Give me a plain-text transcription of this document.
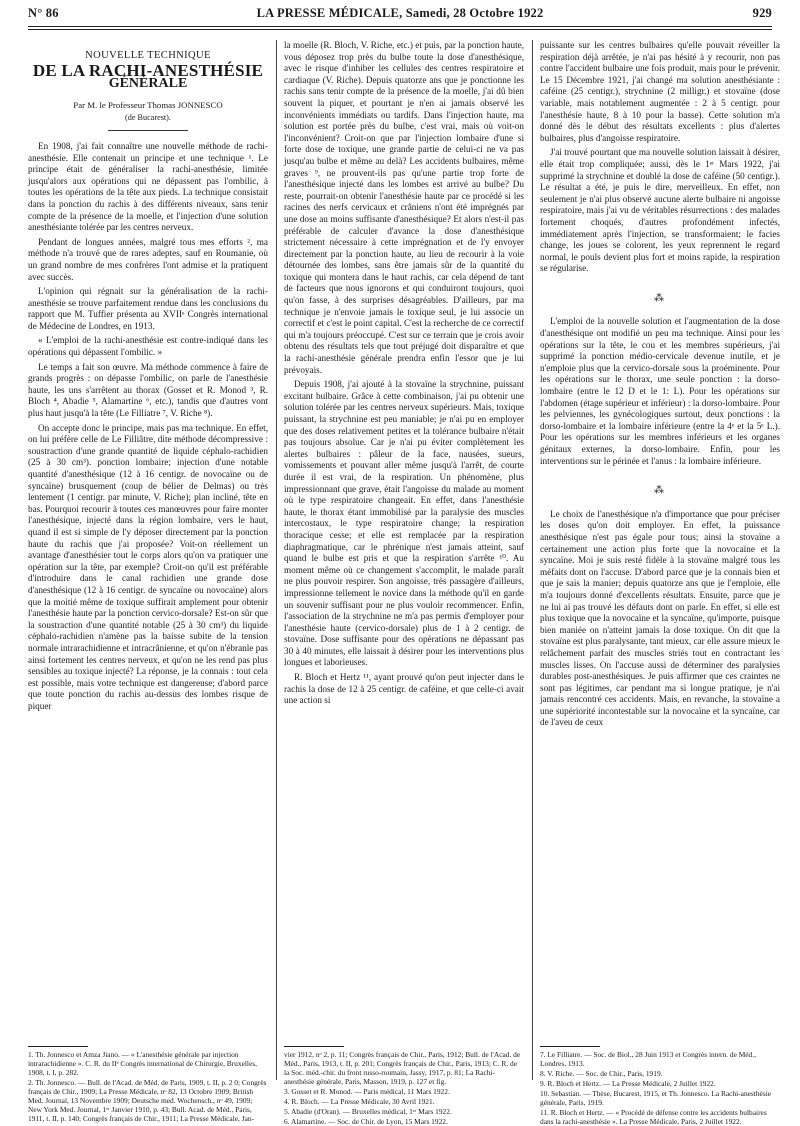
N° 86	LA PRESSE MÉDICALE, Samedi, 28 Octobre 1922	929
NOUVELLE TECHNIQUE
DE LA RACHI-ANESTHÉSIE
GÉNÉRALE
Par M. le Professeur Thomas JONNESCO
(de Bucarest).

En 1908, j'ai fait connaître une nouvelle méthode de rachi-anesthésie. Elle contenait un principe et une technique ¹. Le principe était de généraliser la rachi-anesthésie, limitée jusqu'alors aux opérations qui ne dépassent pas l'ombilic, à toutes les opérations de la tête aux pieds. La technique consistait dans la ponction du rachis à des différents niveaux, sans tenir compte de la présence de la moelle, et l'injection d'une solution anesthésiante tolérée par les centres nerveux.

Pendant de longues années, malgré tous mes efforts ², ma méthode n'a trouvé que de rares adeptes, sauf en Roumanie, où un grand nombre de mes confrères l'ont admise et la pratiquent avec succès.

L'opinion qui régnait sur la généralisation de la rachi-anesthésie se trouve parfaitement rendue dans les conclusions du rapport que M. Tuffier présenta au XVIIᵉ Congrès international de Médecine de Londres, en 1913.

« L'emploi de la rachi-anesthésie est contre-indiqué dans les opérations qui dépassent l'ombilic. »

Le temps a fait son œuvre. Ma méthode commence à faire de grands progrès : on dépasse l'ombilic, on parle de l'anesthésie haute, les uns s'arrêtent au thorax (Gosset et R. Monod ³, R. Bloch ⁴, Abadie ⁵, Alamartine ⁶, etc.), tandis que d'autres vont plus haut jusqu'à la tête (Le Filliatre ⁷, V. Riche ⁸).

On accepte donc le principe, mais pas ma technique. En effet, on lui préfère celle de Le Filliâtre, dite méthode décompressive : soustraction d'une grande quantité de liquide céphalo-rachidien (25 à 30 cm³). ponction lombaire; injection d'une notable quantité d'anesthésique (12 à 16 centigr. de novocaïne ou de syncaïne) brusquement (coup de bélier de Delmas) ou très lentement (1 centigr. par minute, V. Riche); plan incliné, tête en bas. Pourquoi recourir à toutes ces manœuvres pour faire monter l'anesthésique, injecté dans la région lombaire, vers le haut, quand il est si simple de l'y déposer directement par la ponction haute du rachis que j'ai proposée? Voit-on réellement un avantage d'anesthésier tout le corps alors qu'on va pratiquer une opération sur la tête, par exemple? Croit-on qu'il est préférable d'introduire dans le canal rachidien une grande dose d'anesthésique (12 à 16 centigr. de syncaïne ou novocaïne) alors que la moitié même de toxique suffirait amplement pour obtenir l'anesthésie haute par la ponction cervico-dorsale? Est-on sûr que la soustraction d'une quantité notable (25 à 30 cm³) du liquide céphalo-rachidien n'amène pas la baisse subite de la tension normale intrarachidienne et intracrânienne, et qu'on n'ébranle pas ainsi fortement les centres nerveux, et qu'on ne les rend pas plus sensibles au toxique injecté? La réponse, je la connais : tout cela est possible, mais votre technique est dangereuse; d'abord parce que toute ponction du rachis au-dessus des lombes risque de piquer

la moelle (R. Bloch, V. Riche, etc.) et puis, par la ponction haute, vous déposez trop près du bulbe toute la dose d'anesthésique, avec le risque d'inhiber les cellules des centres respiratoire et cardiaque (V. Riche). Depuis quatorze ans que je ponctionne les rachis sans tenir compte de la présence de la moelle, j'ai dû bien souvent la piquer, et pourtant je n'en ai jamais observé les inconvénients immédiats ou tardifs. Dans l'injection haute, ma solution est portée près du bulbe, c'est vrai, mais où voit-on l'inconvénient? Croit-on que par l'injection lombaire d'une si forte dose de toxique, une grande partie de celui-ci ne va pas jusqu'au bulbe et même au delà? Les accidents bulbaires, même graves ⁹, ne prouvent-ils pas qu'une partie trop forte de l'anesthésique injecté dans les lombes est arrivé au bulbe? Du reste, pourrait-on obtenir l'anesthésie haute par ce procédé si les racines des nerfs cervicaux et crâniens n'ont été imprégnés par une dose au moins suffisante d'anesthésique? Et alors n'est-il pas préférable de calculer d'avance la dose d'anesthésique strictement nécessaire à cette imprégnation et de l'y envoyer directement par la ponction haute, au lieu de recourir à la voie détournée des lombes, sans être jamais sûr de la quantité du toxique qui montera dans le haut rachis, car cela dépend de tant de facteurs que nous ignorons et qui conduiront toujours, quoi qu'on fasse, à des surprises désagréables. D'ailleurs, par ma technique je n'envoie jamais le toxique seul, je lui associe un correctif et c'est le point capital. C'est la recherche de ce correctif qui m'a toujours préoccupé. C'est sur ce terrain que je crois avoir obtenu des résultats tels que tout préjugé doit disparaître et que la rachi-anesthésie générale prendra enfin l'essor que je lui prévoyais.

Depuis 1908, j'ai ajouté à la stovaïne la strychnine, puissant excitant bulbaire. Grâce à cette combinaison, j'ai pu obtenir une solution tolérée par les centres nerveux supérieurs. Mais, toxique puissant, la strychnine est peu maniable; je n'ai pu en employer que des doses relativement petites et la tolérance bulbaire n'était pas toujours absolue. Car je n'ai pu éviter complètement les alertes bulbaires : pâleur de la face, nausées, sueurs, vomissements et pouvant aller même jusqu'à l'arrêt, de courte durée il est vrai, de la respiration. Un phénomène, plus impressionnant que grave, était l'angoisse du malade au moment où le type respiratoire changeait. En effet, dans l'anesthésie haute, le thorax étant immobilisé par la paralysie des muscles intercostaux, le type respiratoire change; la respiration thoracique cesse; et elle est remplacée par la respiration diaphragmatique, car le phrénique n'est jamais atteint, sauf quand le bulbe est pris et que la respiration s'arrête ¹⁰. Au moment même où ce changement s'accomplit, le malade paraît ne plus pouvoir respirer. Son angoisse, très passagère d'ailleurs, impressionne tellement le novice dans la méthode qu'il en garde un souvenir suffisant pour ne plus vouloir recommencer. Enfin, l'association de la strychnine ne m'a pas permis d'employer pour l'anesthésie haute (cervico-dorsale) plus de 1 à 2 centigr. de stovaïne. Dose suffisante pour des opérations ne dépassant pas 30 à 40 minutes, elle laissait à désirer pour les interventions plus longues et laborieuses.

R. Bloch et Hertz ¹¹, ayant prouvé qu'on peut injecter dans le rachis la dose de 12 à 25 centigr. de caféine, et que celle-ci avait une action si

puissante sur les centres bulbaires qu'elle pouvait réveiller la respiration déjà arrêtée, je n'ai pas hésité à y recourir, non pas contre l'accident bulbaire une fois produit, mais pour le prévenir. Le 15 Décembre 1921, j'ai changé ma solution anesthésiante : caféine (25 centigr.), strychnine (2 milligr.) et stovaïne (dose variable, mais notablement augmentée : 2 à 5 centigr. pour l'anesthésie haute, 8 à 10 pour la basse). Cette solution m'a donné dès le début des résultats excellents : plus d'alertes bulbaires, plus d'angoisse respiratoire.

J'ai trouvé pourtant que ma nouvelle solution laissait à désirer, elle était trop compliquée; aussi, dès le 1ᵉʳ Mars 1922, j'ai supprimé la strychnine et doublé la dose de caféine (50 centigr.). Le résultat a été, je puis le dire, merveilleux. En effet, non seulement je n'ai plus observé aucune alerte bulbaire ni angoisse respiratoire, mais j'ai vu de véritables résurrections : des malades fortement choqués, d'autres profondément infectés, immédiatement après l'injection, se transformaient; le facies change, les joues se colorent, les yeux reprennent le regard normal, le pouls devient plus fort et moins rapide, la respiration se régularise.

⁂

L'emploi de la nouvelle solution et l'augmentation de la dose d'anesthésique ont modifié un peu ma technique. Ainsi pour les opérations sur la tête, le cou et les membres supérieurs, j'ai supprimé la ponction médio-cervicale devenue inutile, et je n'emploie plus que la cervico-dorsale sous la proéminente. Pour les opérations sur le thorax, une seule ponction : la dorso-lombaire (entre le 12 D et le 1: L). Pour les opérations sur l'abdomen (étage supérieur et inférieur) : la dorso-lombaire. Pour les pelviennes, les gynécologiques surtout, deux ponctions : la dorso-lombaire et la lombaire inférieure (entre la 4ᵉ et la 5ᵉ L.). Pour les opérations sur les membres inférieurs et les organes génitaux externes, la dorso-lombaire. Enfin, pour les interventions sur le périnée et l'anus : la lombaire inférieure.

⁂

Le choix de l'anesthésique n'a d'importance que pour préciser les doses qu'on doit employer. En effet, la puissance anesthésique n'est pas égale pour tous; ainsi la stovaïne a certainement une action plus forte que la novocaïne et la syncaïne. Moi je suis resté fidèle à la stovaïne malgré tous les méfaits dont on l'accuse. D'abord parce que je la connais bien et que je sais la manier; depuis quatorze ans que je l'emploie, elle m'a toujours donné d'excellents résultats. Ensuite, parce que je ne lui ai pas trouvé les défauts dont on parle. En effet, si elle est plus toxique que la novocaïne et la syncaïne, qu'importe, puisque bien maniée on n'atteint jamais la dose toxique. On dit que la stovaïne est plus paralysante, tant mieux, car elle assure mieux le relâchement parfait des muscles striés tout en contractant les muscles lisses. On l'accuse aussi de déterminer des paralysies durables post-anesthésiques. Je puis affirmer que ces craintes ne sont pas légitimes, car pendant ma si longue pratique, je n'ai jamais rencontré ces accidents. Mais, en revanche, la stovaïne a une supériorité incontestable sur la novocaïne et la syncaïne, car de l'aveu de ceux

1. Th. Jonnesco et Amza Jiano. — « L'anesthésie générale par injection intrarachidienne ». C. R. du IIᵉ Congrès international de Chirurgie, Bruxelles, 1908, t. I, p. 282.
2. Th. Jonnesco. — Bull. de l'Acad. de Méd. de Paris, 1909, t. II, p. 2 0; Congrès français de Chir., 1909; La Presse Médicale, nᵒ 82, 13 Octobre 1909; British Med. Journal, 13 Novembre 1909; Deutsche med. Wochensch., nᵒ 49, 1909; New York Med. Journal, 1ᵉʳ Janvier 1910, p. 43; Bull. Acad. de Méd., Paris, 1911, t. II, p. 140; Congrès français de Chir., 1911; La Presse Médicale, Jan-
vier 1912, nᵒ 2, p. 11; Congrès français de Chir., Paris, 1912; Bull. de l'Acad. de Méd., Paris, 1913, t. II, p. 201; Congrès français de Chir., Paris, 1913; C. R. de la Soc. méd.-chir. du front russo-roumain, Jassy, 1917, p. 81; La Rachi-anesthésie générale, Paris, Masson, 1919, p. 127 et fig.
3. Gosset et R. Monod. — Paris médical, 11 Mars 1922.
4. R. Bloch. — La Presse Médicale, 30 Avril 1921.
5. Abadie (d'Oran). — Bruxelles médical, 1ᵉʳ Mars 1922.
6. Alamartine. — Soc. de Chir. de Lyon, 15 Mars 1922.
7. Le Filliatre. — Soc. de Biol., 28 Juin 1913 et Congrès intern. de Méd., Londres, 1913.
8. V. Riche. — Soc. de Chir., Paris, 1919.
9. R. Bloch et Hertz. — La Presse Médicale, 2 Juillet 1922.
10. Sebastian. — Thèse, Bucarest, 1915, et Th. Jonnesco. La Rachi-anesthésie générale, Paris, 1919.
11. R. Bloch et Hertz. — « Procédé de défense contre les accidents bulbaires dans la rachi-anesthésie ». La Presse Médicale, Paris, 2 Juillet 1922.
